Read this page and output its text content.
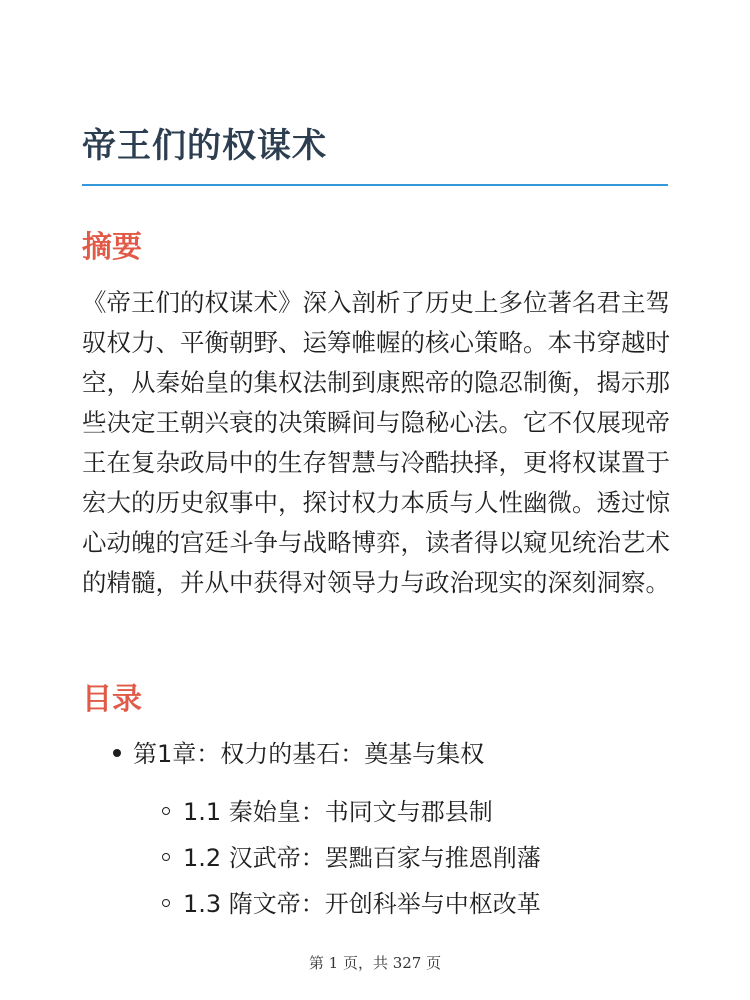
帝王们的权谋术
摘要

《帝王们的权谋术》深入剖析了历史上多位著名君主驾驭权力、平衡朝野、运筹帷幄的核心策略。本书穿越时空，从秦始皇的集权法制到康熙帝的隐忍制衡，揭示那些决定王朝兴衰的决策瞬间与隐秘心法。它不仅展现帝王在复杂政局中的生存智慧与冷酷抉择，更将权谋置于宏大的历史叙事中，探讨权力本质与人性幽微。透过惊心动魄的宫廷斗争与战略博弈，读者得以窥见统治艺术的精髓，并从中获得对领导力与政治现实的深刻洞察。

目录
第1章：权力的基石：奠基与集权
1.1 秦始皇：书同文与郡县制
1.2 汉武帝：罢黜百家与推恩削藩
1.3 隋文帝：开创科举与中枢改革
第 1 页，共 327 页
